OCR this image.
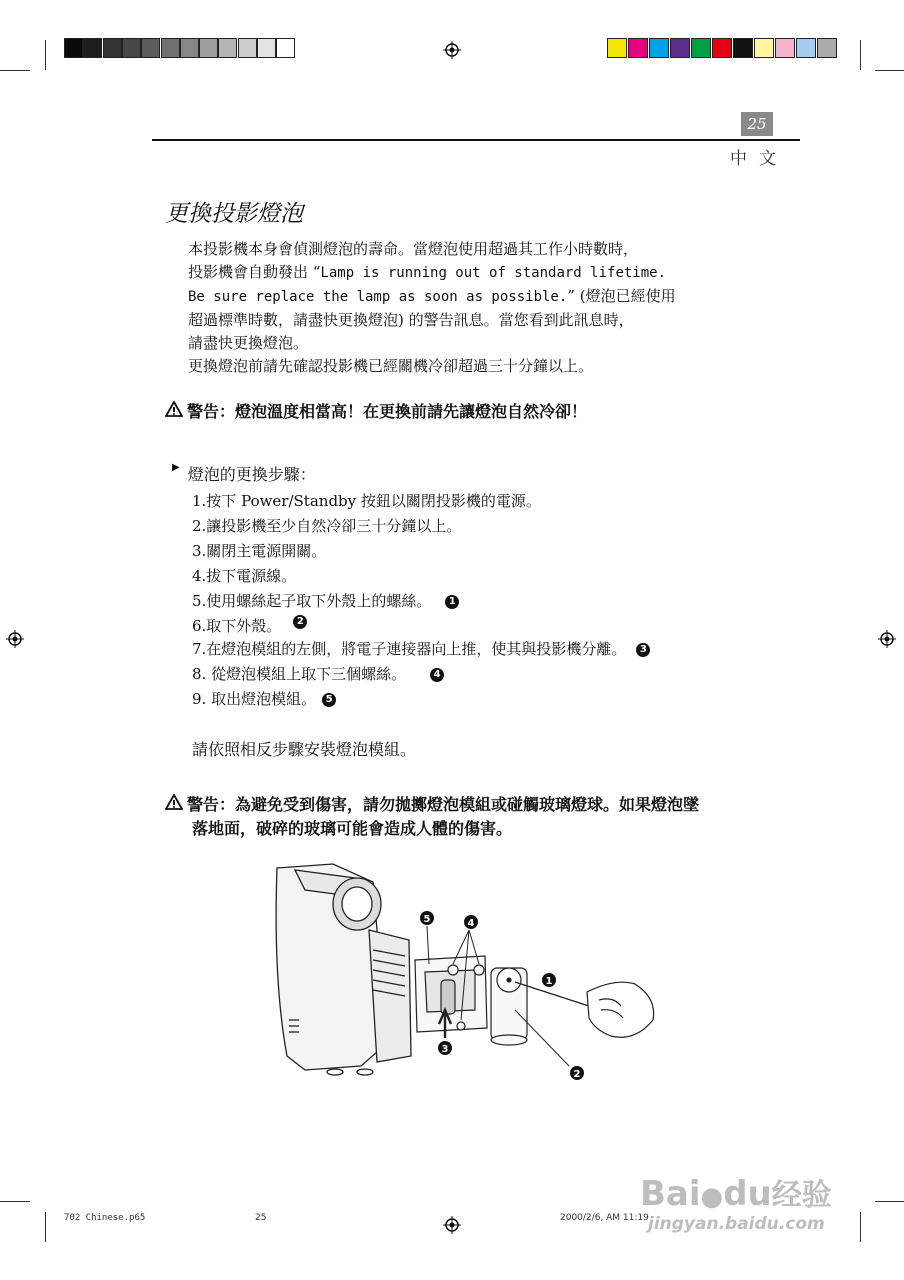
25
中文
更換投影燈泡
本投影機本身會偵測燈泡的壽命。當燈泡使用超過其工作小時數時，
投影機會自動發出 “Lamp is running out of standard lifetime.
Be sure replace the lamp as soon as possible.” (燈泡已經使用
超過標準時數，請盡快更換燈泡) 的警告訊息。當您看到此訊息時，
請盡快更換燈泡。
更換燈泡前請先確認投影機已經關機冷卻超過三十分鐘以上。
警告：燈泡溫度相當高！在更換前請先讓燈泡自然冷卻！
▶ 燈泡的更換步驟：
1.按下 Power/Standby 按鈕以關閉投影機的電源。
2.讓投影機至少自然冷卻三十分鐘以上。
3.關閉主電源開關。
4.拔下電源線。
5.使用螺絲起子取下外殼上的螺絲。 1
6.取下外殼。 2
7.在燈泡模組的左側，將電子連接器向上推，使其與投影機分離。 3
8. 從燈泡模組上取下三個螺絲。	4
9. 取出燈泡模組。 5
請依照相反步驟安裝燈泡模組。
警告：為避免受到傷害，請勿拋擲燈泡模組或碰觸玻璃燈球。如果燈泡墜
落地面，破碎的玻璃可能會造成人體的傷害。
5	4
1
3
2
702 Chinese.p65	25	2000/2/6, AM 11:19
Bai●du经验
jingyan.baidu.com
